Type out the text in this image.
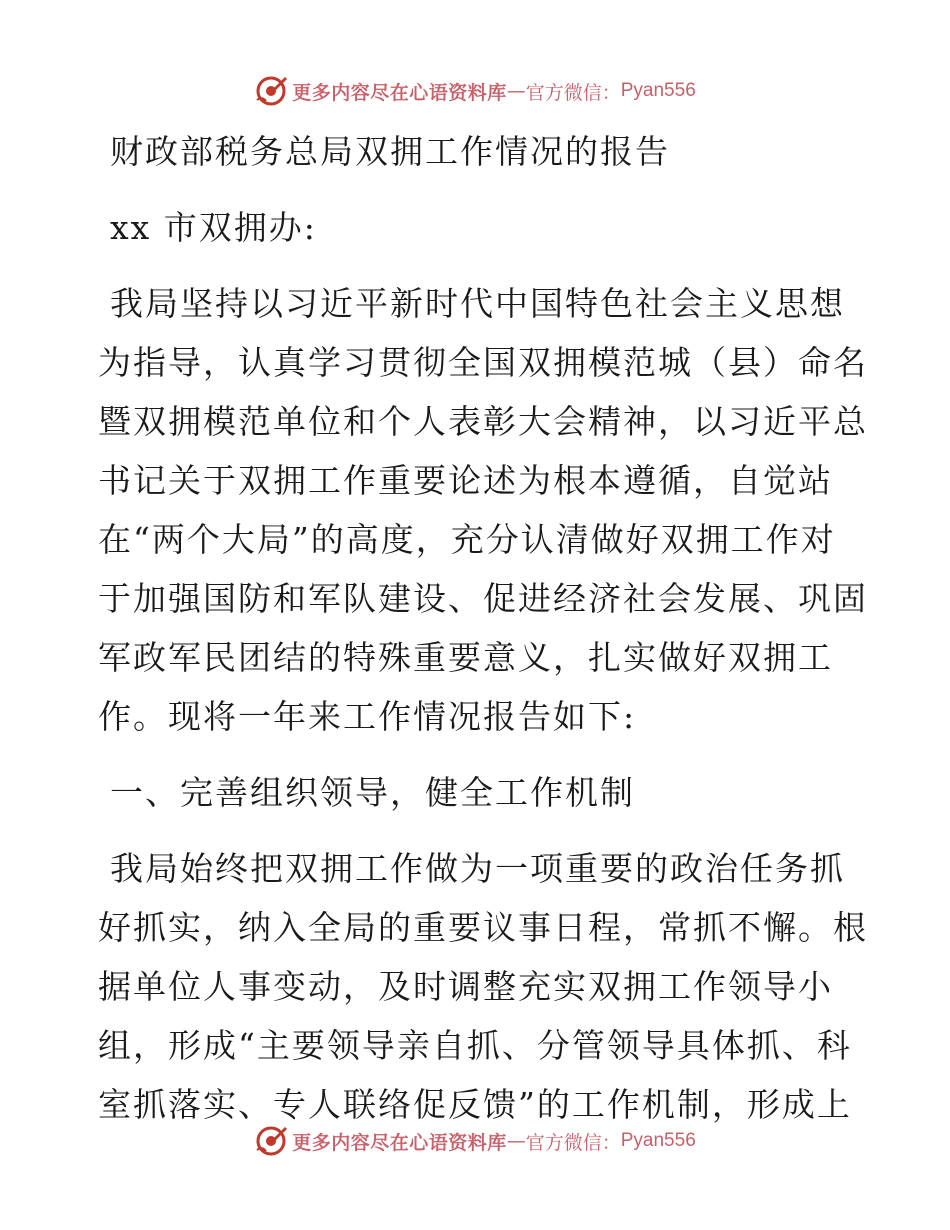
更多内容尽在心语资料库 — 官方微信： Pyan556

财政部税务总局双拥工作情况的报告

xx 市双拥办:

我局坚持以习近平新时代中国特色社会主义思想

为指导，认真学习贯彻全国双拥模范城（县）命名

暨双拥模范单位和个人表彰大会精神，以习近平总

书记关于双拥工作重要论述为根本遵循，自觉站

在“两个大局”的高度，充分认清做好双拥工作对

于加强国防和军队建设、促进经济社会发展、巩固

军政军民团结的特殊重要意义，扎实做好双拥工

作。现将一年来工作情况报告如下:

一、完善组织领导，健全工作机制

我局始终把双拥工作做为一项重要的政治任务抓

好抓实，纳入全局的重要议事日程，常抓不懈。根

据单位人事变动，及时调整充实双拥工作领导小

组，形成“主要领导亲自抓、分管领导具体抓、科

室抓落实、专人联络促反馈”的工作机制，形成上

更多内容尽在心语资料库 — 官方微信： Pyan556
